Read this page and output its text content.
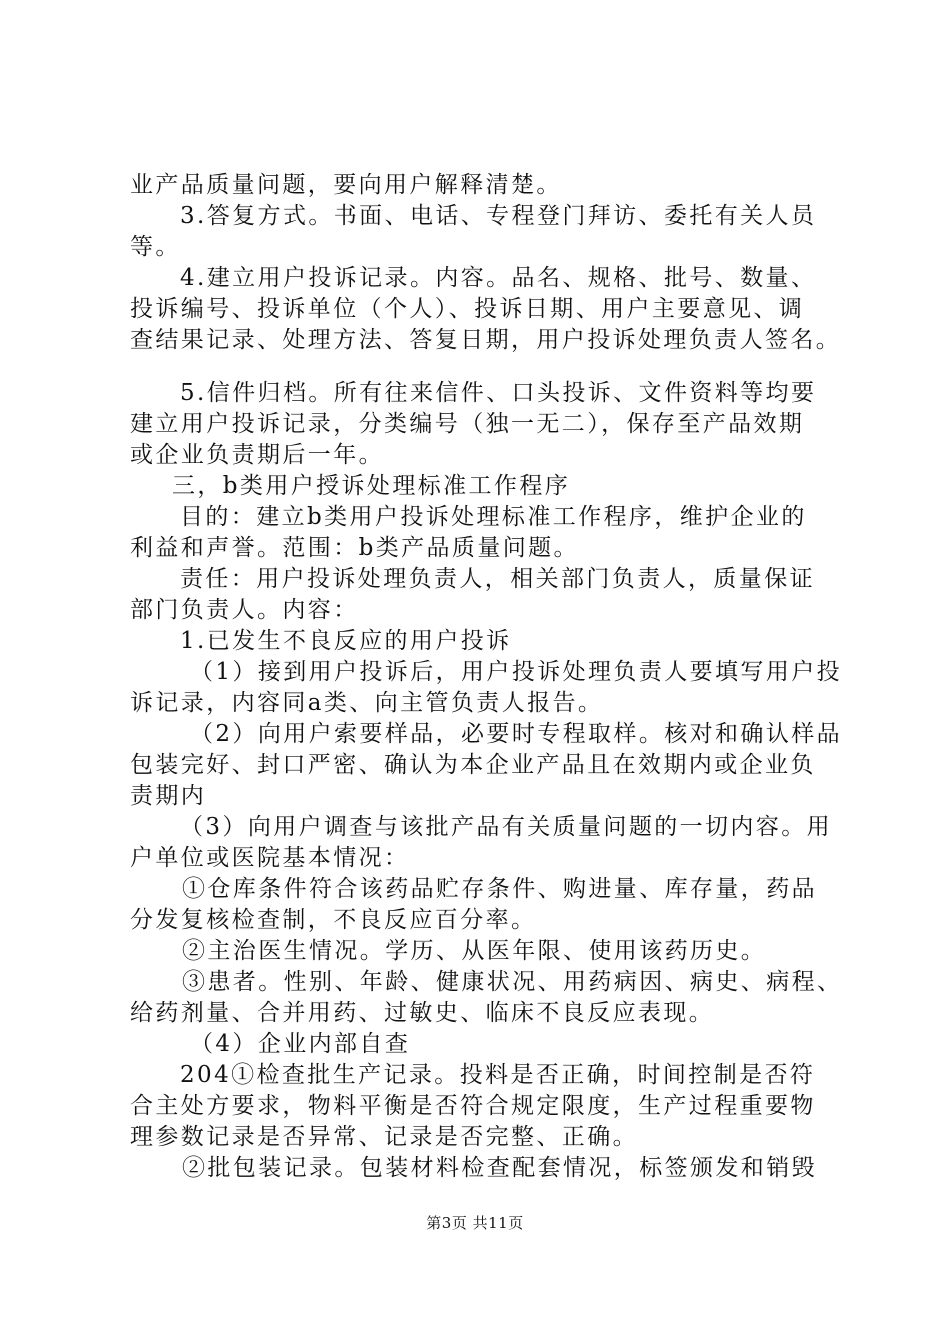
业产品质量问题，要向用户解释清楚。
3.答复方式。书面、电话、专程登门拜访、委托有关人员
等。
4.建立用户投诉记录。内容。品名、规格、批号、数量、
投诉编号、投诉单位（个人）、投诉日期、用户主要意见、调
查结果记录、处理方法、答复日期，用户投诉处理负责人签名。
5.信件归档。所有往来信件、口头投诉、文件资料等均要
建立用户投诉记录，分类编号（独一无二），保存至产品效期
或企业负责期后一年。
三，b类用户授诉处理标准工作程序
目的：建立b类用户投诉处理标准工作程序，维护企业的
利益和声誉。范围：b类产品质量问题。
责任：用户投诉处理负责人，相关部门负责人，质量保证
部门负责人。内容：
1.已发生不良反应的用户投诉
（1）接到用户投诉后，用户投诉处理负责人要填写用户投
诉记录，内容同a类、向主管负责人报告。
（2）向用户索要样品，必要时专程取样。核对和确认样品
包装完好、封口严密、确认为本企业产品且在效期内或企业负
责期内
（3）向用户调查与该批产品有关质量问题的一切内容。用
户单位或医院基本情况：
①仓库条件符合该药品贮存条件、购进量、库存量，药品
分发复核检查制，不良反应百分率。
②主治医生情况。学历、从医年限、使用该药历史。
③患者。性别、年龄、健康状况、用药病因、病史、病程、
给药剂量、合并用药、过敏史、临床不良反应表现。
（4）企业内部自查
204①检查批生产记录。投料是否正确，时间控制是否符
合主处方要求，物料平衡是否符合规定限度，生产过程重要物
理参数记录是否异常、记录是否完整、正确。
②批包装记录。包装材料检查配套情况，标签颁发和销毁
第3页 共11页
